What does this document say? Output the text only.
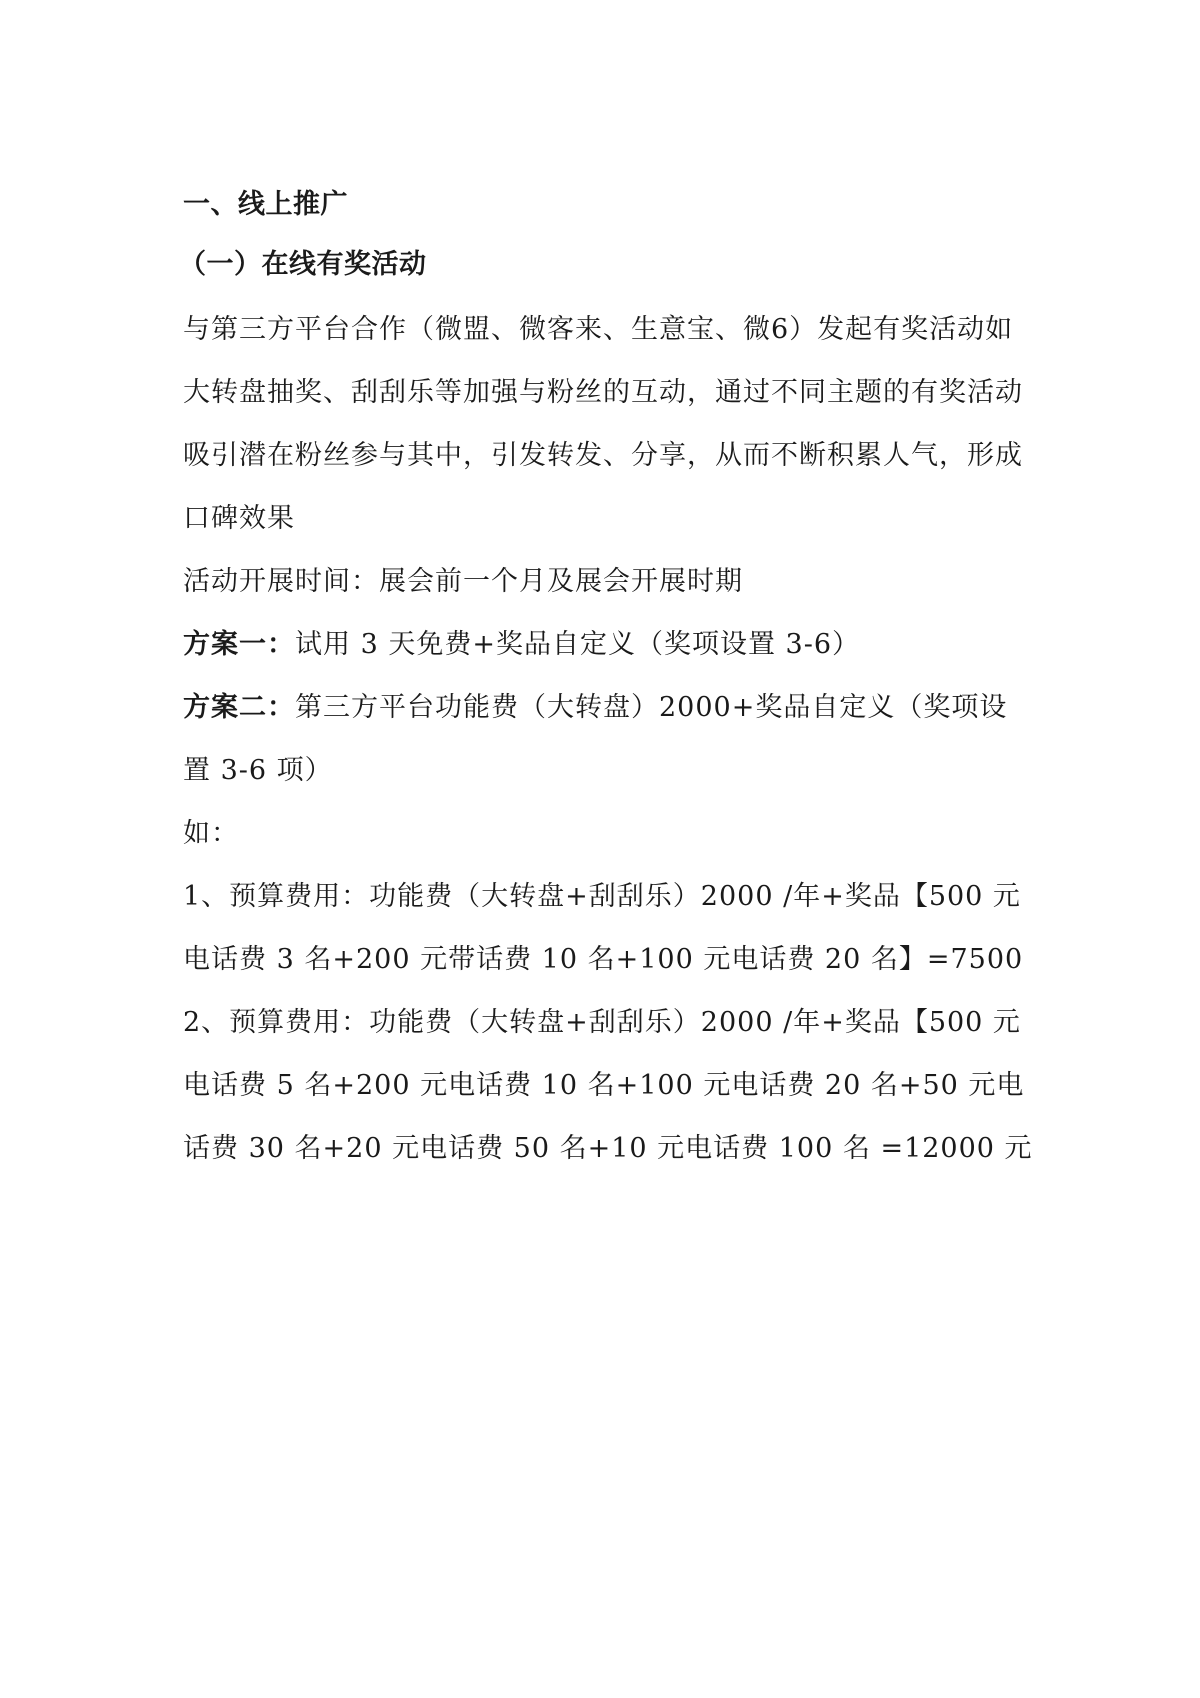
一、线上推广
（一）在线有奖活动

与第三方平台合作（微盟、微客来、生意宝、微6）发起有奖活动如大转盘抽奖、刮刮乐等加强与粉丝的互动，通过不同主题的有奖活动吸引潜在粉丝参与其中，引发转发、分享，从而不断积累人气，形成口碑效果

活动开展时间：展会前一个月及展会开展时期

方案一：试用 3 天免费+奖品自定义（奖项设置 3-6）

方案二：第三方平台功能费（大转盘）2000+奖品自定义（奖项设置 3-6 项）

如：

1、预算费用：功能费（大转盘+刮刮乐）2000 /年+奖品【500 元电话费 3 名+200 元带话费 10 名+100 元电话费 20 名】=7500

2、预算费用：功能费（大转盘+刮刮乐）2000 /年+奖品【500 元电话费 5 名+200 元电话费 10 名+100 元电话费 20 名+50 元电话费 30 名+20 元电话费 50 名+10 元电话费 100 名 =12000 元
